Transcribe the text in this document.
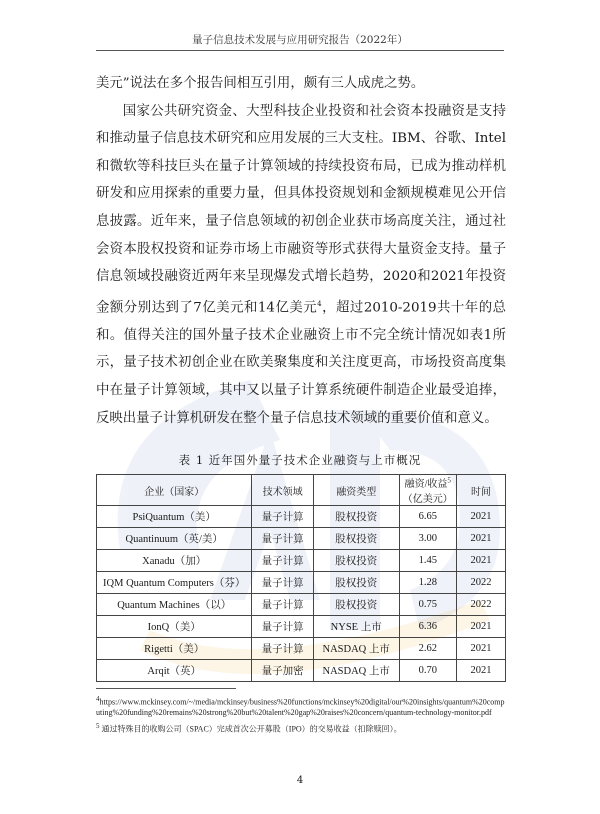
量子信息技术发展与应用研究报告（2022年）

美元”说法在多个报告间相互引用，颇有三人成虎之势。

国家公共研究资金、大型科技企业投资和社会资本投融资是支持和推动量子信息技术研究和应用发展的三大支柱。IBM、谷歌、Intel和微软等科技巨头在量子计算领域的持续投资布局，已成为推动样机研发和应用探索的重要力量，但具体投资规划和金额规模难见公开信息披露。近年来，量子信息领域的初创企业获市场高度关注，通过社会资本股权投资和证券市场上市融资等形式获得大量资金支持。量子信息领域投融资近两年来呈现爆发式增长趋势，2020和2021年投资金额分别达到了7亿美元和14亿美元$^4$，超过2010-2019共十年的总和。值得关注的国外量子技术企业融资上市不完全统计情况如表1所示，量子技术初创企业在欧美聚集度和关注度更高，市场投资高度集中在量子计算领域，其中又以量子计算系统硬件制造企业最受追捧，反映出量子计算机研发在整个量子信息技术领域的重要价值和意义。

表 1 近年国外量子技术企业融资与上市概况
企业（国家）	技术领域	融资类型	融资/收益$^5$
（亿美元）	时间
PsiQuantum（美）	量子计算	股权投资	6.65	2021
Quantinuum（英/美）	量子计算	股权投资	3.00	2021
Xanadu（加）	量子计算	股权投资	1.45	2021
IQM Quantum Computers（芬）	量子计算	股权投资	1.28	2022
Quantum Machines（以）	量子计算	股权投资	0.75	2022
IonQ（美）	量子计算	NYSE 上市	6.36	2021
Rigetti（美）	量子计算	NASDAQ 上市	2.62	2021
Arqit（英）	量子加密	NASDAQ 上市	0.70	2021

$^4$https://www.mckinsey.com/~/media/mckinsey/business%20functions/mckinsey%20digital/our%20insights/quantum%20computing%20funding%20remains%20strong%20but%20talent%20gap%20raises%20concern/quantum-technology-monitor.pdf

$^5$ 通过特殊目的收购公司（SPAC）完成首次公开募股（IPO）的交易收益（扣除赎回）。

4
